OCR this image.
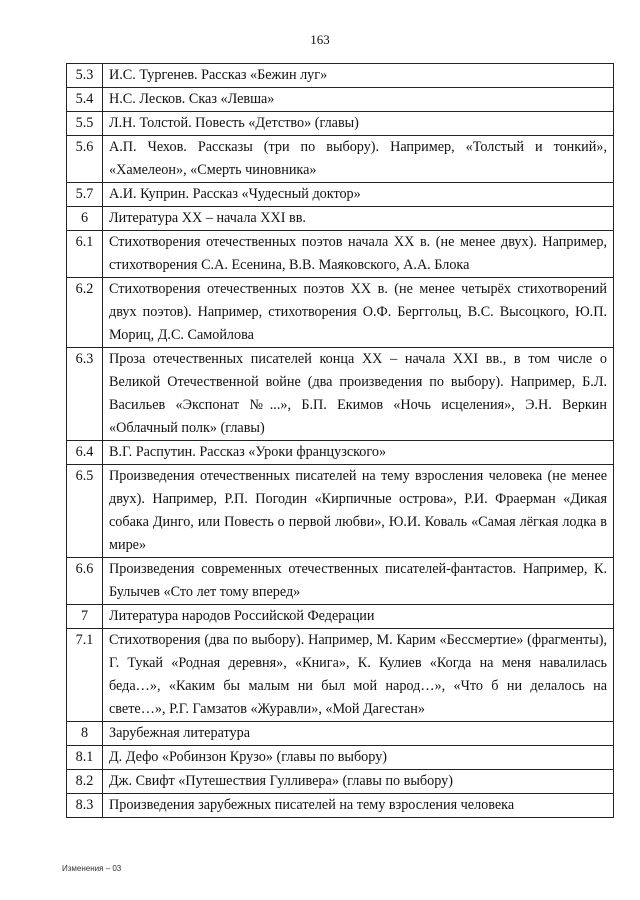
163
5.3	И.С. Тургенев. Рассказ «Бежин луг»
5.4	Н.С. Лесков. Сказ «Левша»
5.5	Л.Н. Толстой. Повесть «Детство» (главы)
5.6	А.П. Чехов. Рассказы (три по выбору). Например, «Толстый и тонкий», «Хамелеон», «Смерть чиновника»
5.7	А.И. Куприн. Рассказ «Чудесный доктор»
6	Литература XX – начала XXI вв.
6.1	Стихотворения отечественных поэтов начала XX в. (не менее двух). Например, стихотворения С.А. Есенина, В.В. Маяковского, А.А. Блока
6.2	Стихотворения отечественных поэтов XX в. (не менее четырёх стихотворений двух поэтов). Например, стихотворения О.Ф. Берггольц, В.С. Высоцкого, Ю.П. Мориц, Д.С. Самойлова
6.3	Проза отечественных писателей конца XX – начала XXI вв., в том числе о Великой Отечественной войне (два произведения по выбору). Например, Б.Л. Васильев «Экспонат №...», Б.П. Екимов «Ночь исцеления», Э.Н. Веркин «Облачный полк» (главы)
6.4	В.Г. Распутин. Рассказ «Уроки французского»
6.5	Произведения отечественных писателей на тему взросления человека (не менее двух). Например, Р.П. Погодин «Кирпичные острова», Р.И. Фраерман «Дикая собака Динго, или Повесть о первой любви», Ю.И. Коваль «Самая лёгкая лодка в мире»
6.6	Произведения современных отечественных писателей-фантастов. Например, К. Булычев «Сто лет тому вперед»
7	Литература народов Российской Федерации
7.1	Стихотворения (два по выбору). Например, М. Карим «Бессмертие» (фрагменты), Г. Тукай «Родная деревня», «Книга», К. Кулиев «Когда на меня навалилась беда…», «Каким бы малым ни был мой народ…», «Что б ни делалось на свете…», Р.Г. Гамзатов «Журавли», «Мой Дагестан»
8	Зарубежная литература
8.1	Д. Дефо «Робинзон Крузо» (главы по выбору)
8.2	Дж. Свифт «Путешествия Гулливера» (главы по выбору)
8.3	Произведения зарубежных писателей на тему взросления человека
Изменения – 03
